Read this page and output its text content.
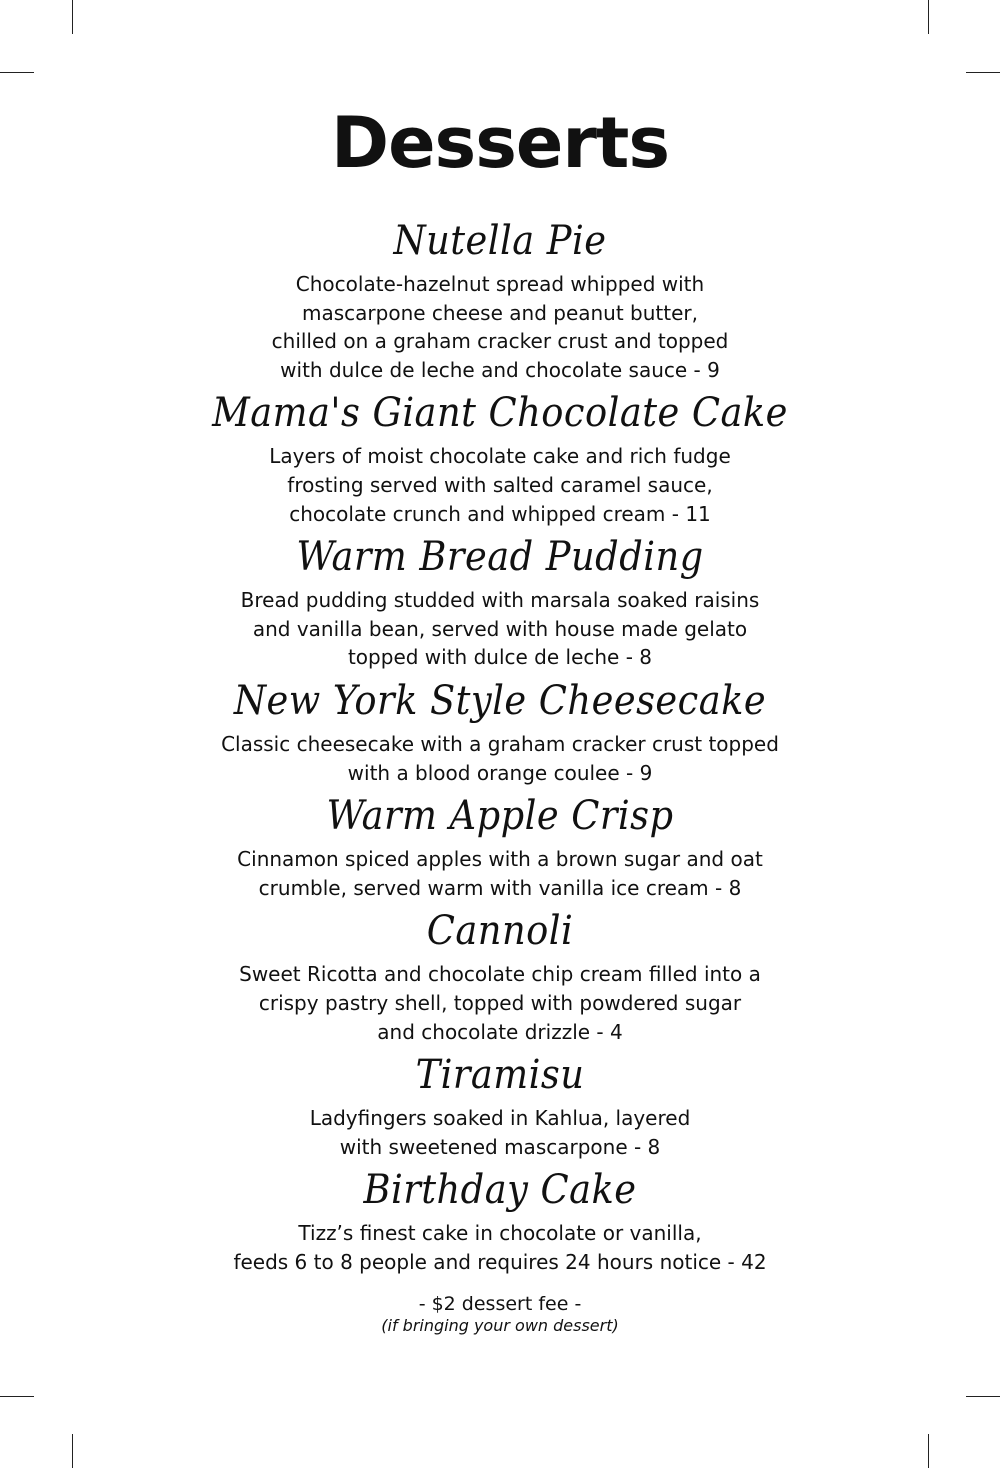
Desserts
Nutella Pie

Chocolate-hazelnut spread whipped with
mascarpone cheese and peanut butter,
chilled on a graham cracker crust and topped
with dulce de leche and chocolate sauce - 9

Mama's Giant Chocolate Cake

Layers of moist chocolate cake and rich fudge
frosting served with salted caramel sauce,
chocolate crunch and whipped cream - 11

Warm Bread Pudding

Bread pudding studded with marsala soaked raisins
and vanilla bean, served with house made gelato
topped with dulce de leche - 8

New York Style Cheesecake

Classic cheesecake with a graham cracker crust topped
with a blood orange coulee - 9

Warm Apple Crisp

Cinnamon spiced apples with a brown sugar and oat
crumble, served warm with vanilla ice cream - 8

Cannoli

Sweet Ricotta and chocolate chip cream filled into a
crispy pastry shell, topped with powdered sugar
and chocolate drizzle - 4

Tiramisu

Ladyfingers soaked in Kahlua, layered
with sweetened mascarpone - 8

Birthday Cake

Tizz’s finest cake in chocolate or vanilla,
feeds 6 to 8 people and requires 24 hours notice - 42

- $2 dessert fee -
(if bringing your own dessert)
